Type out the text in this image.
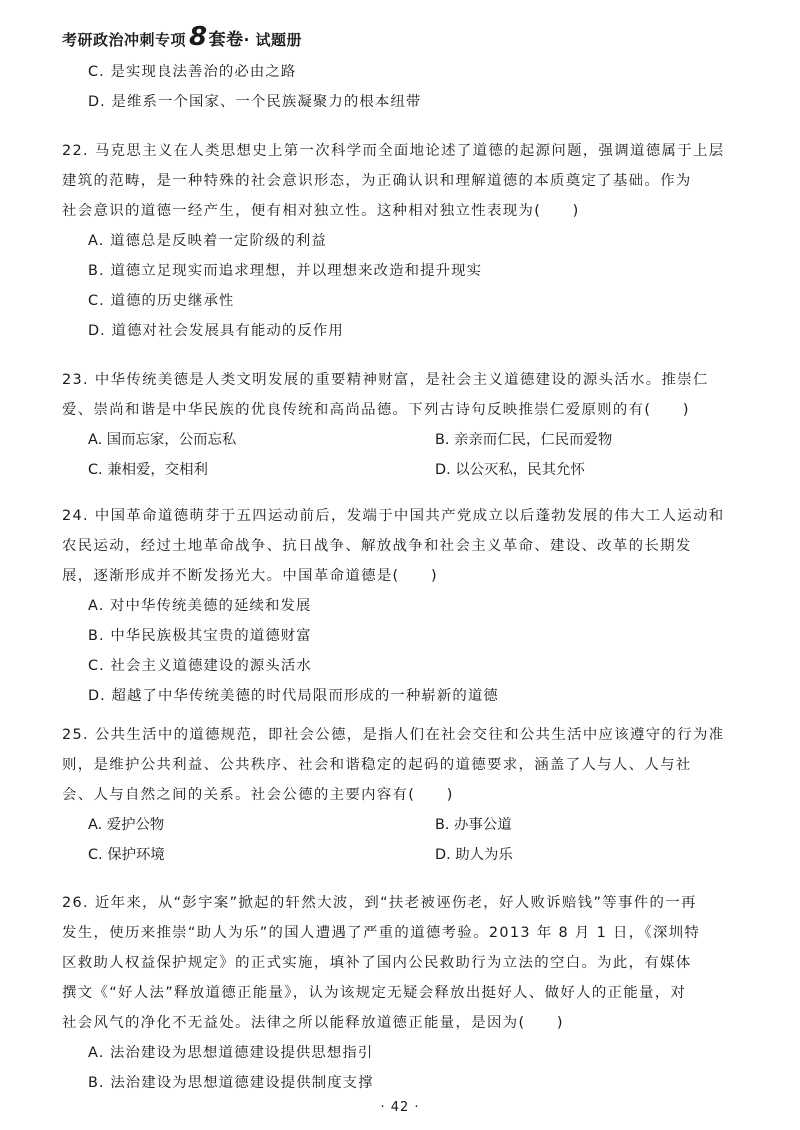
考研政治冲刺专项 8 套卷 · 试题册
C. 是实现良法善治的必由之路
D. 是维系一个国家、一个民族凝聚力的根本纽带
22. 马克思主义在人类思想史上第一次科学而全面地论述了道德的起源问题，强调道德属于上层
建筑的范畴，是一种特殊的社会意识形态，为正确认识和理解道德的本质奠定了基础。作为
社会意识的道德一经产生，便有相对独立性。这种相对独立性表现为(　　)
A. 道德总是反映着一定阶级的利益
B. 道德立足现实而追求理想，并以理想来改造和提升现实
C. 道德的历史继承性
D. 道德对社会发展具有能动的反作用
23. 中华传统美德是人类文明发展的重要精神财富，是社会主义道德建设的源头活水。推崇仁
爱、崇尚和谐是中华民族的优良传统和高尚品德。下列古诗句反映推崇仁爱原则的有(　　)
A. 国而忘家，公而忘私	B. 亲亲而仁民，仁民而爱物
C. 兼相爱，交相利	D. 以公灭私，民其允怀
24. 中国革命道德萌芽于五四运动前后，发端于中国共产党成立以后蓬勃发展的伟大工人运动和
农民运动，经过土地革命战争、抗日战争、解放战争和社会主义革命、建设、改革的长期发
展，逐渐形成并不断发扬光大。中国革命道德是(　　)
A. 对中华传统美德的延续和发展
B. 中华民族极其宝贵的道德财富
C. 社会主义道德建设的源头活水
D. 超越了中华传统美德的时代局限而形成的一种崭新的道德
25. 公共生活中的道德规范，即社会公德，是指人们在社会交往和公共生活中应该遵守的行为准
则，是维护公共利益、公共秩序、社会和谐稳定的起码的道德要求，涵盖了人与人、人与社
会、人与自然之间的关系。社会公德的主要内容有(　　)
A. 爱护公物	B. 办事公道
C. 保护环境	D. 助人为乐
26. 近年来，从“彭宇案”掀起的轩然大波，到“扶老被诬伤老，好人败诉赔钱”等事件的一再
发生，使历来推崇“助人为乐”的国人遭遇了严重的道德考验。2013 年 8 月 1 日，《深圳特
区救助人权益保护规定》的正式实施，填补了国内公民救助行为立法的空白。为此，有媒体
撰文《“好人法”释放道德正能量》，认为该规定无疑会释放出挺好人、做好人的正能量，对
社会风气的净化不无益处。法律之所以能释放道德正能量，是因为(　　)
A. 法治建设为思想道德建设提供思想指引
B. 法治建设为思想道德建设提供制度支撑
· 42 ·
